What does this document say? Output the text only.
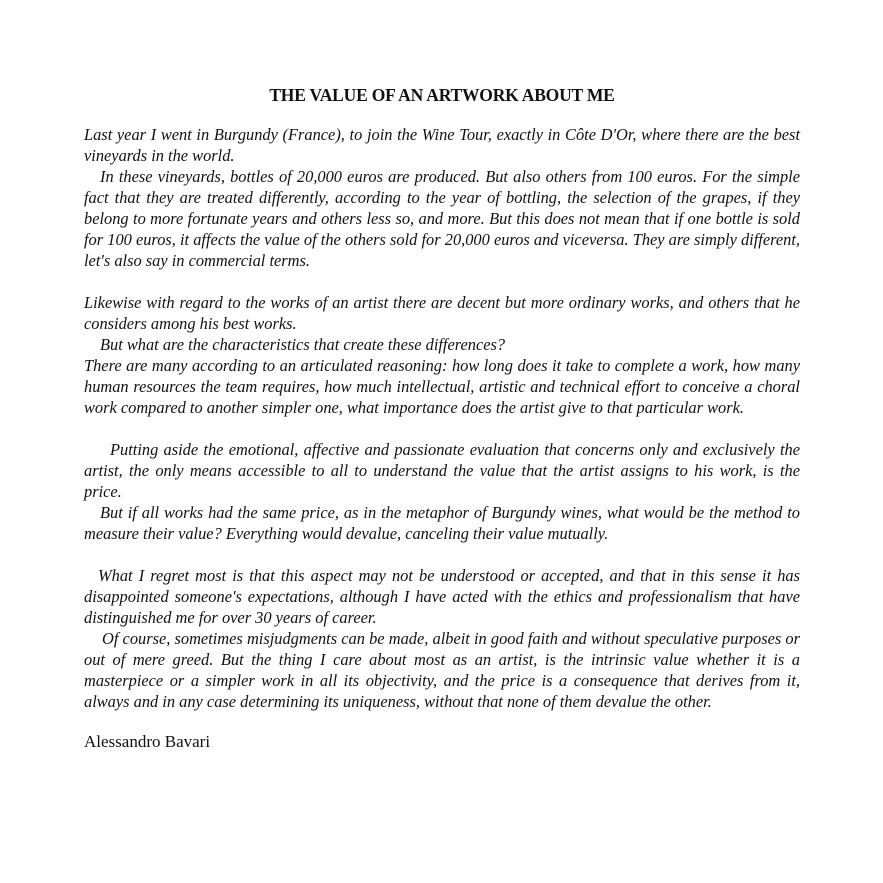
THE VALUE OF AN ARTWORK ABOUT ME

Last year I went in Burgundy (France), to join the Wine Tour, exactly in Côte D'Or, where there are the best vineyards in the world.

In these vineyards, bottles of 20,000 euros are produced. But also others from 100 euros. For the simple fact that they are treated differently, according to the year of bottling, the selection of the grapes, if they belong to more fortunate years and others less so, and more. But this does not mean that if one bottle is sold for 100 euros, it affects the value of the others sold for 20,000 euros and viceversa. They are simply different, let's also say in commercial terms.

Likewise with regard to the works of an artist there are decent but more ordinary works, and others that he considers among his best works.

But what are the characteristics that create these differences?

There are many according to an articulated reasoning: how long does it take to complete a work, how many human resources the team requires, how much intellectual, artistic and technical effort to conceive a choral work compared to another simpler one, what importance does the artist give to that particular work.

Putting aside the emotional, affective and passionate evaluation that concerns only and exclusively the artist, the only means accessible to all to understand the value that the artist assigns to his work, is the price.

But if all works had the same price, as in the metaphor of Burgundy wines, what would be the method to measure their value? Everything would devalue, canceling their value mutually.

What I regret most is that this aspect may not be understood or accepted, and that in this sense it has disappointed someone's expectations, although I have acted with the ethics and professionalism that have distinguished me for over 30 years of career.

Of course, sometimes misjudgments can be made, albeit in good faith and without speculative purposes or out of mere greed. But the thing I care about most as an artist, is the intrinsic value whether it is a masterpiece or a simpler work in all its objectivity, and the price is a consequence that derives from it, always and in any case determining its uniqueness, without that none of them devalue the other.

Alessandro Bavari
